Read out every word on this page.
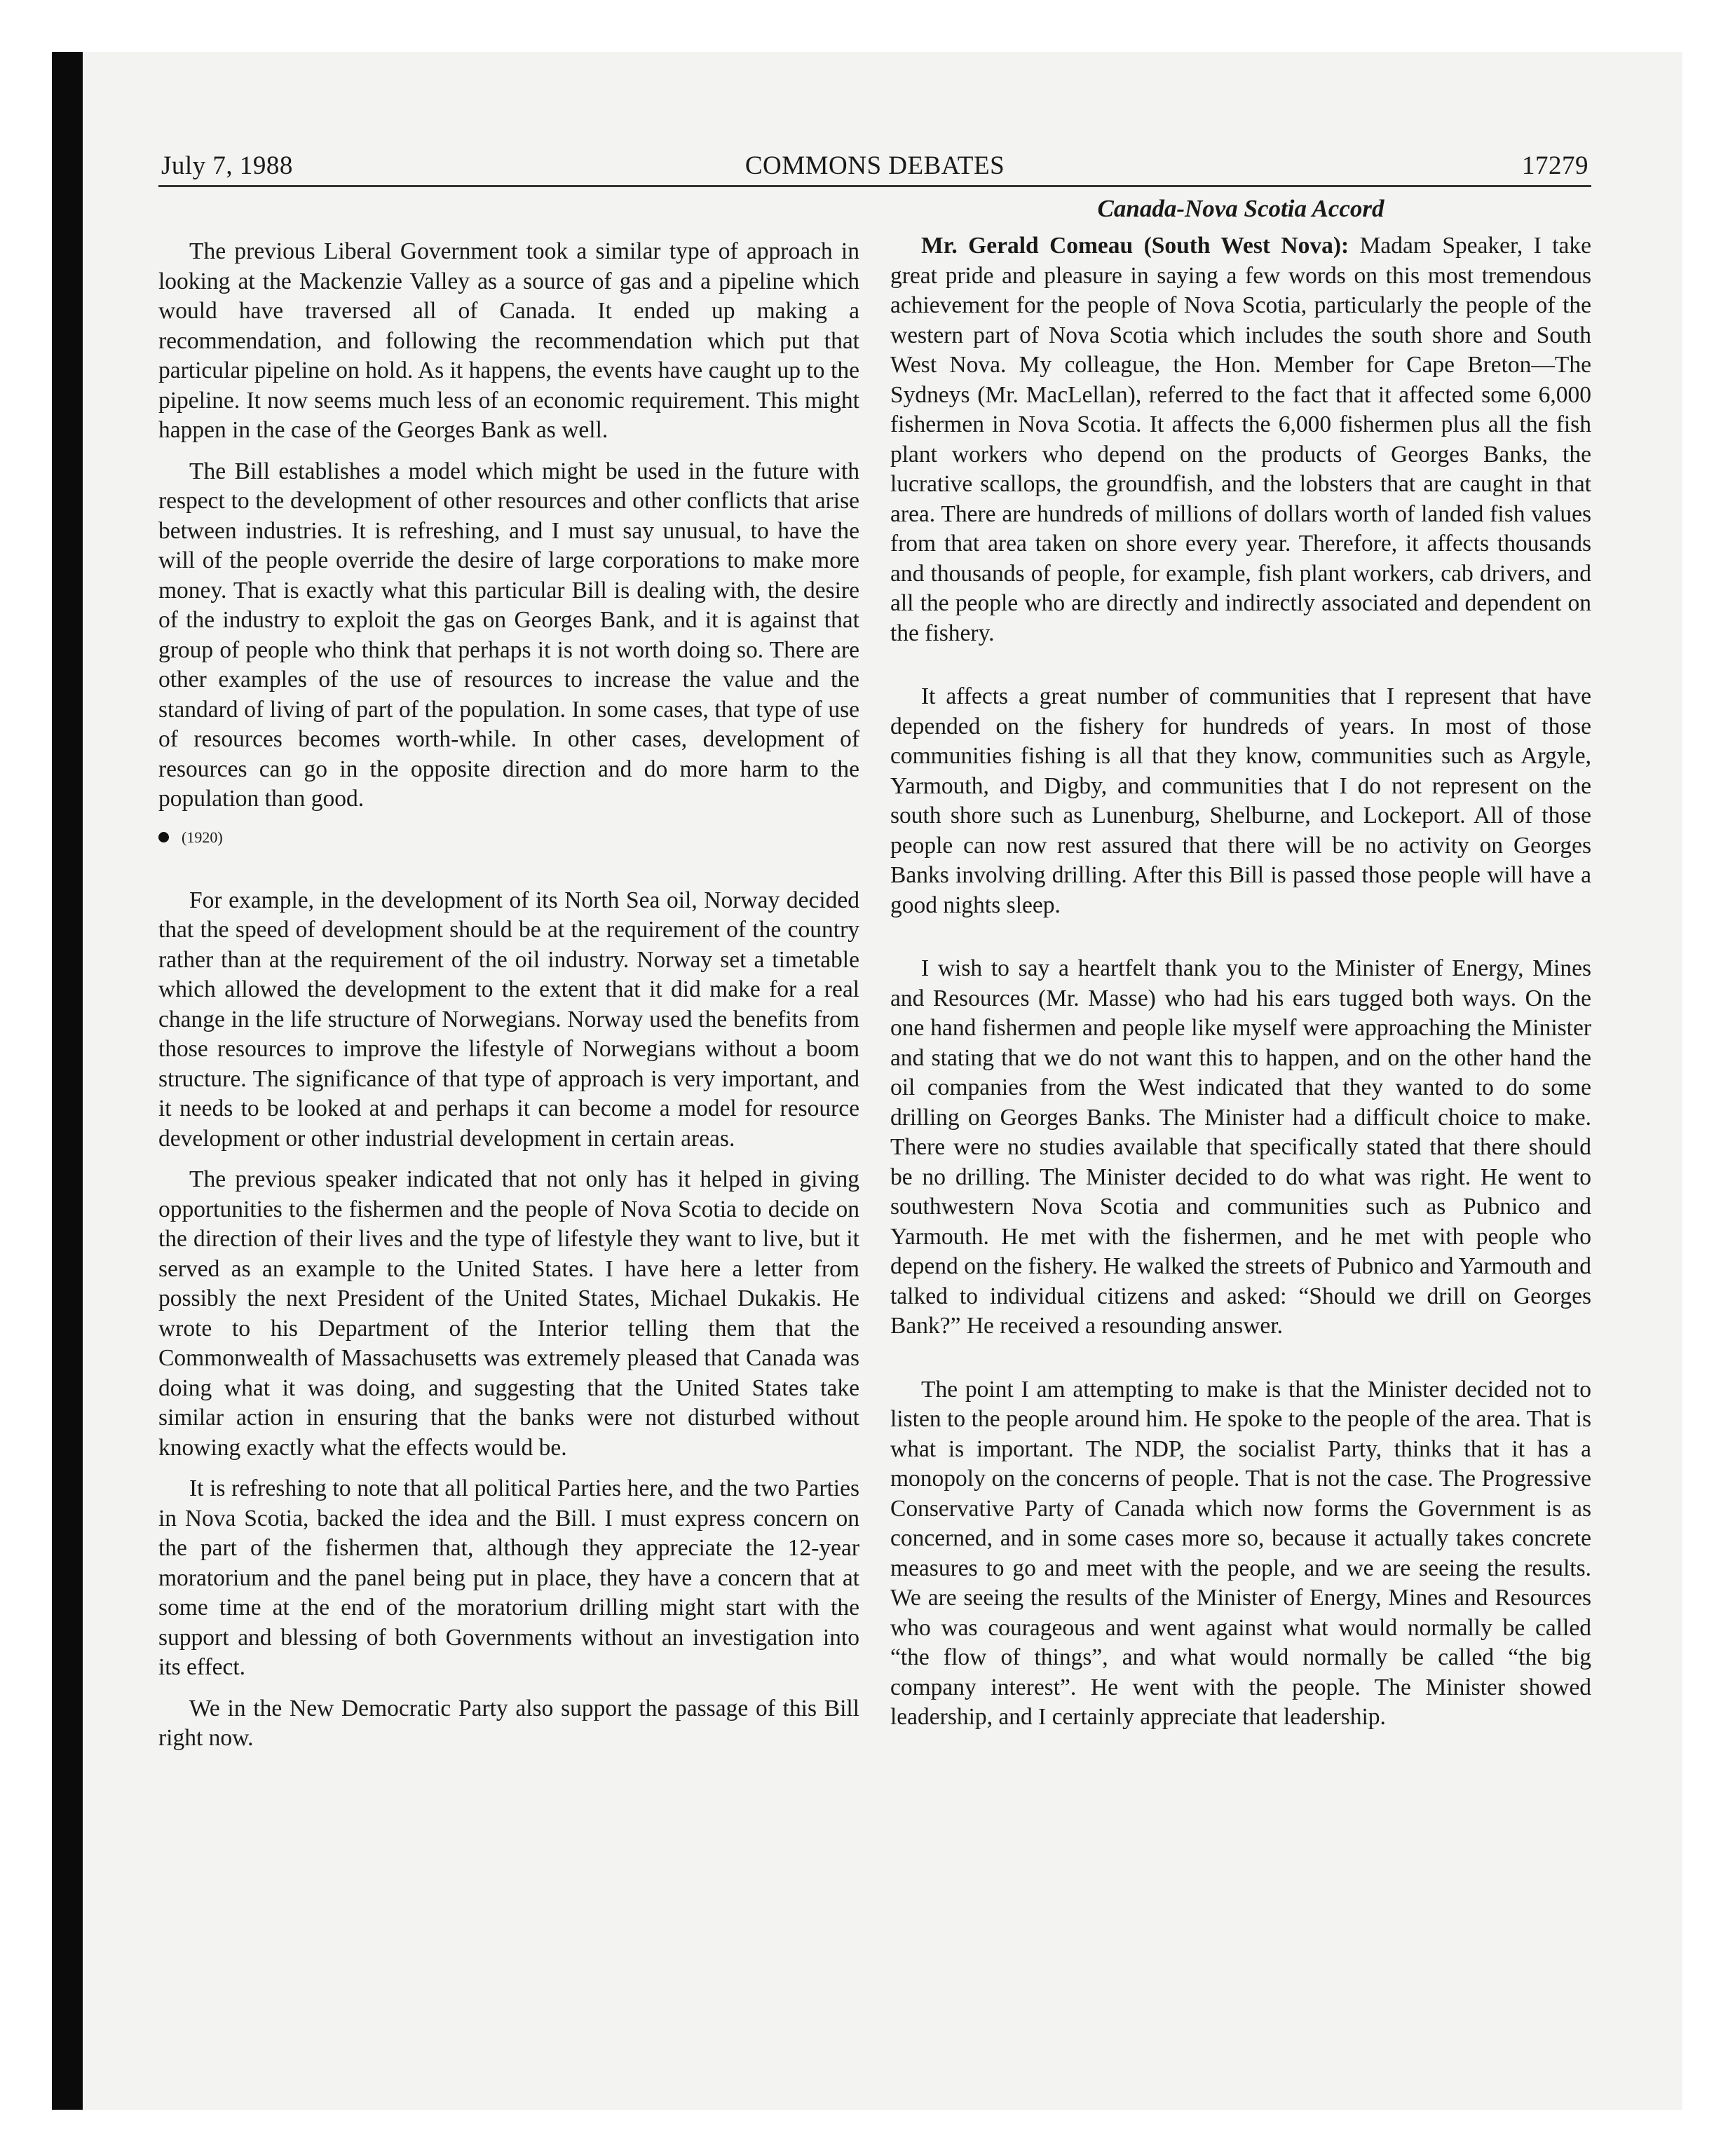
July 7, 1988	COMMONS DEBATES	17279

The previous Liberal Government took a similar type of approach in looking at the Mackenzie Valley as a source of gas and a pipeline which would have traversed all of Canada. It ended up making a recommendation, and following the recommendation which put that particular pipeline on hold. As it happens, the events have caught up to the pipeline. It now seems much less of an economic requirement. This might happen in the case of the Georges Bank as well.

The Bill establishes a model which might be used in the future with respect to the development of other resources and other conflicts that arise between industries. It is refreshing, and I must say unusual, to have the will of the people override the desire of large corporations to make more money. That is exactly what this particular Bill is dealing with, the desire of the industry to exploit the gas on Georges Bank, and it is against that group of people who think that perhaps it is not worth doing so. There are other examples of the use of resources to increase the value and the standard of living of part of the population. In some cases, that type of use of resources becomes worth-while. In other cases, development of resources can go in the opposite direction and do more harm to the population than good.

(1920)

For example, in the development of its North Sea oil, Norway decided that the speed of development should be at the requirement of the country rather than at the requirement of the oil industry. Norway set a timetable which allowed the development to the extent that it did make for a real change in the life structure of Norwegians. Norway used the benefits from those resources to improve the lifestyle of Norwegians without a boom structure. The significance of that type of approach is very important, and it needs to be looked at and perhaps it can become a model for resource development or other industrial development in certain areas.

The previous speaker indicated that not only has it helped in giving opportunities to the fishermen and the people of Nova Scotia to decide on the direction of their lives and the type of lifestyle they want to live, but it served as an example to the United States. I have here a letter from possibly the next President of the United States, Michael Dukakis. He wrote to his Department of the Interior telling them that the Commonwealth of Massachusetts was extremely pleased that Canada was doing what it was doing, and suggesting that the United States take similar action in ensuring that the banks were not disturbed without knowing exactly what the effects would be.

It is refreshing to note that all political Parties here, and the two Parties in Nova Scotia, backed the idea and the Bill. I must express concern on the part of the fishermen that, although they appreciate the 12-year moratorium and the panel being put in place, they have a concern that at some time at the end of the moratorium drilling might start with the support and blessing of both Governments without an investigation into its effect.

We in the New Democratic Party also support the passage of this Bill right now.

Canada-Nova Scotia Accord

Mr. Gerald Comeau (South West Nova): Madam Speaker, I take great pride and pleasure in saying a few words on this most tremendous achievement for the people of Nova Scotia, particularly the people of the western part of Nova Scotia which includes the south shore and South West Nova. My colleague, the Hon. Member for Cape Breton—The Sydneys (Mr. MacLellan), referred to the fact that it affected some 6,000 fishermen in Nova Scotia. It affects the 6,000 fishermen plus all the fish plant workers who depend on the products of Georges Banks, the lucrative scallops, the groundfish, and the lobsters that are caught in that area. There are hundreds of millions of dollars worth of landed fish values from that area taken on shore every year. Therefore, it affects thousands and thousands of people, for example, fish plant workers, cab drivers, and all the people who are directly and indirectly associated and dependent on the fishery.

It affects a great number of communities that I represent that have depended on the fishery for hundreds of years. In most of those communities fishing is all that they know, communities such as Argyle, Yarmouth, and Digby, and communities that I do not represent on the south shore such as Lunenburg, Shelburne, and Lockeport. All of those people can now rest assured that there will be no activity on Georges Banks involving drilling. After this Bill is passed those people will have a good nights sleep.

I wish to say a heartfelt thank you to the Minister of Energy, Mines and Resources (Mr. Masse) who had his ears tugged both ways. On the one hand fishermen and people like myself were approaching the Minister and stating that we do not want this to happen, and on the other hand the oil companies from the West indicated that they wanted to do some drilling on Georges Banks. The Minister had a difficult choice to make. There were no studies available that specifically stated that there should be no drilling. The Minister decided to do what was right. He went to southwestern Nova Scotia and communities such as Pubnico and Yarmouth. He met with the fishermen, and he met with people who depend on the fishery. He walked the streets of Pubnico and Yarmouth and talked to individual citizens and asked: “Should we drill on Georges Bank?” He received a resounding answer.

The point I am attempting to make is that the Minister decided not to listen to the people around him. He spoke to the people of the area. That is what is important. The NDP, the socialist Party, thinks that it has a monopoly on the concerns of people. That is not the case. The Progressive Conservative Party of Canada which now forms the Government is as concerned, and in some cases more so, because it actually takes concrete measures to go and meet with the people, and we are seeing the results. We are seeing the results of the Minister of Energy, Mines and Resources who was courageous and went against what would normally be called “the flow of things”, and what would normally be called “the big company interest”. He went with the people. The Minister showed leadership, and I certainly appreciate that leadership.
